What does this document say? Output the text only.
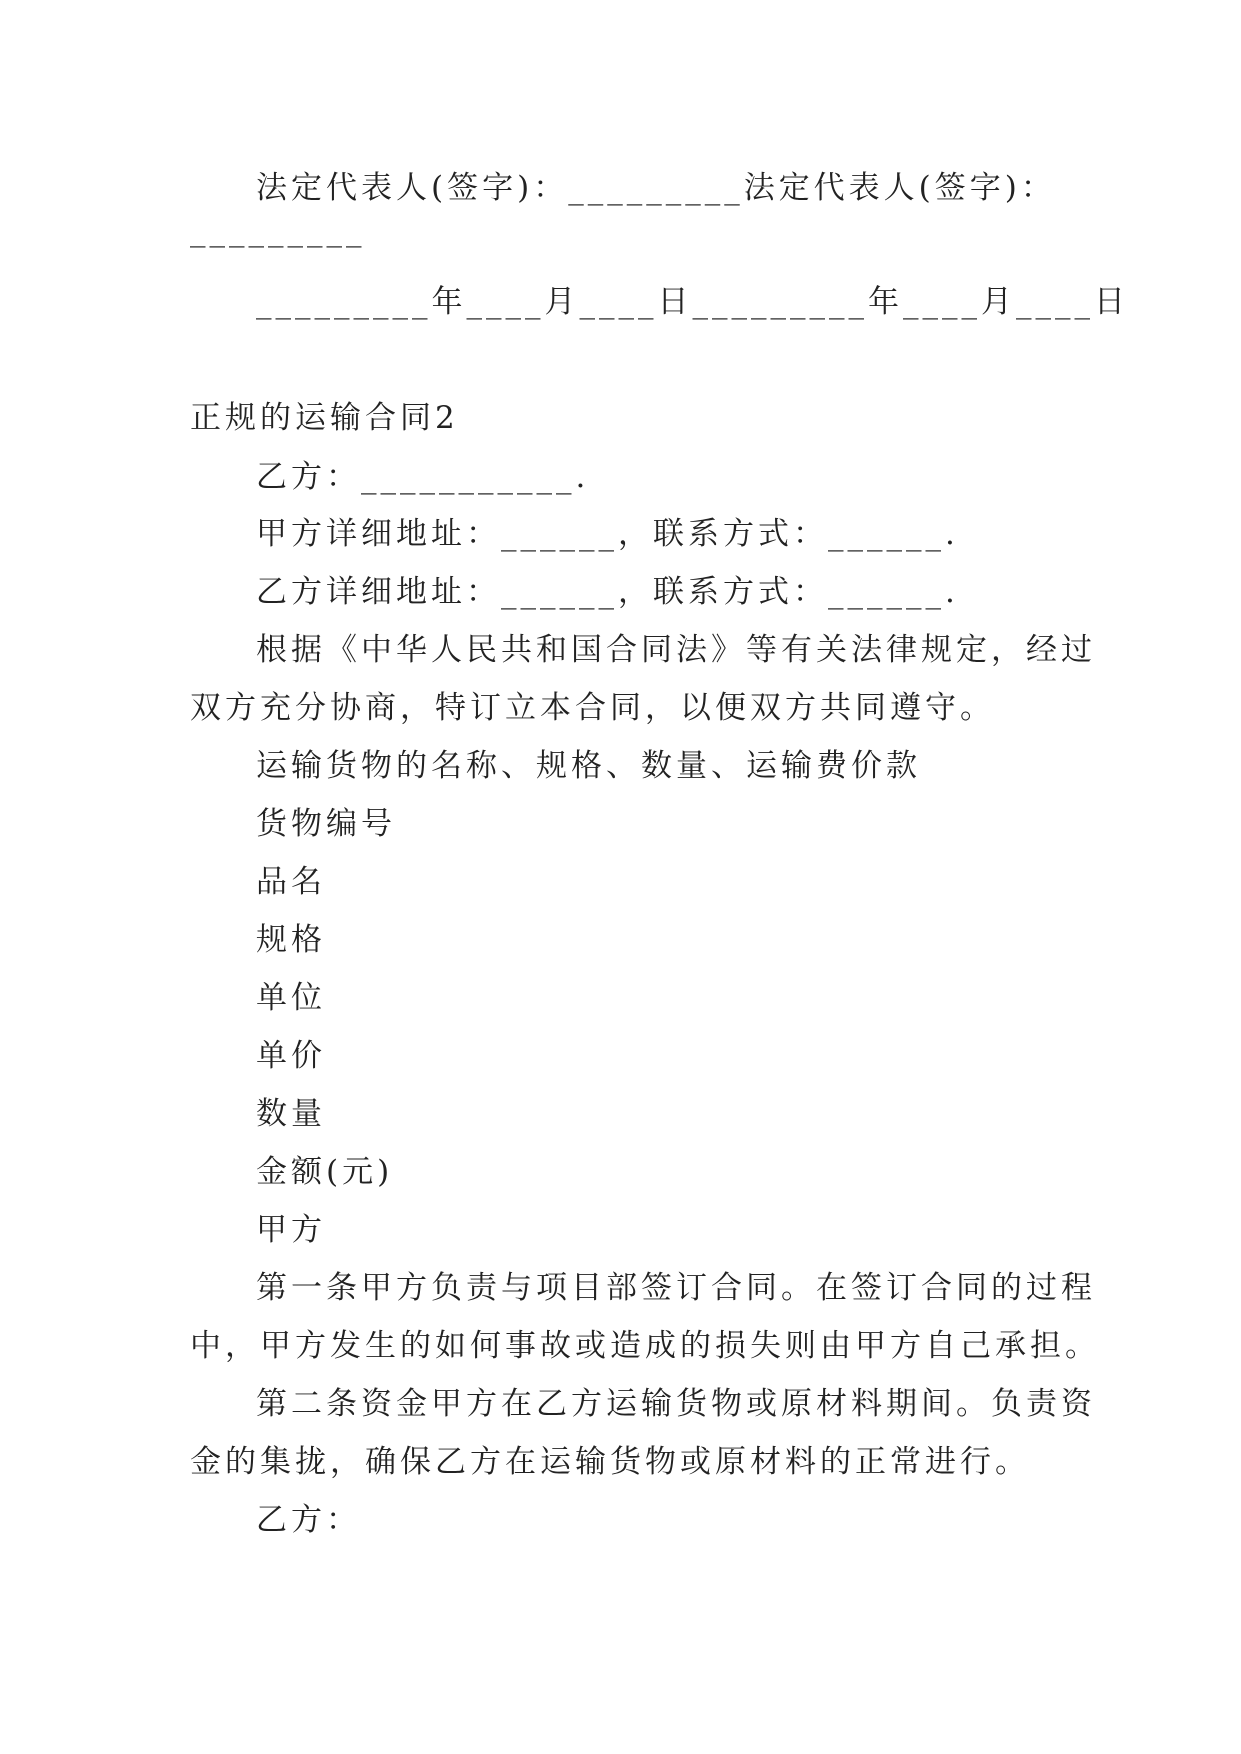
法定代表人(签字)：_________法定代表人(签字)：
_________
_________年____月____日_________年____月____日
正规的运输合同2
乙方：___________.
甲方详细地址：______，联系方式：______.
乙方详细地址：______，联系方式：______.
根据《中华人民共和国合同法》等有关法律规定，经过
双方充分协商，特订立本合同，以便双方共同遵守。
运输货物的名称、规格、数量、运输费价款
货物编号
品名
规格
单位
单价
数量
金额(元)
甲方
第一条甲方负责与项目部签订合同。在签订合同的过程
中，甲方发生的如何事故或造成的损失则由甲方自己承担。
第二条资金甲方在乙方运输货物或原材料期间。负责资
金的集拢，确保乙方在运输货物或原材料的正常进行。
乙方：
